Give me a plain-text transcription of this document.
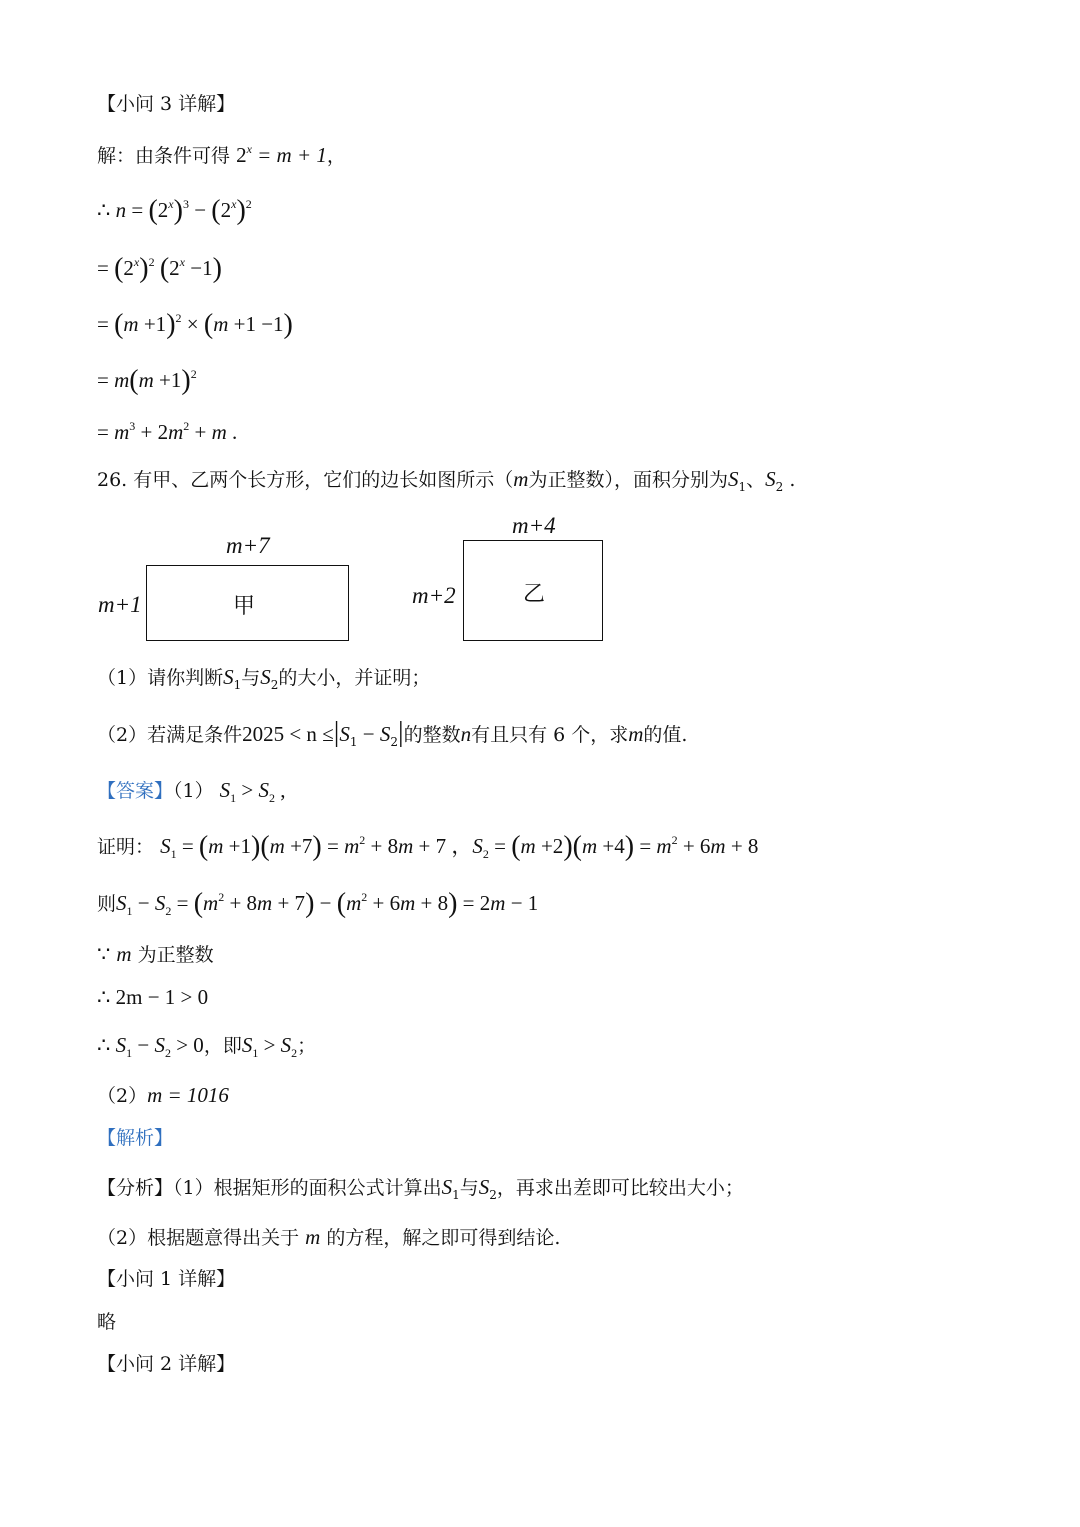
【小问 3 详解】
解：由条件可得 $2^x = m + 1$，
∴ $n = (2^x)^3 - (2^x)^2$
= $(2^x)^2$ $(2^x -1)$
= $(m +1)^2 \times (m +1 -1)$
= $m(m +1)^2$
= $m^3 + 2m^2 + m$ .
26. 有甲、乙两个长方形，它们的边长如图所示（m为正整数），面积分别为$S_1$、$S_2$ .
m+7
m+1	甲
m+4
m+2	乙
（1）请你判断$S_1$与$S_2$的大小，并证明；
（2）若满足条件$2025 < n \le|S_1 - S_2|$的整数n有且只有 6 个，求m的值.
【答案】（1） $S_1 > S_2$ ,
证明： $S_1 = (m +1)(m +7) = m^2 + 8m + 7$ ，$S_2 = (m +2)(m +4) = m^2 + 6m + 8$
则$S_1 - S_2 = (m^2 + 8m + 7) - (m^2 + 6m + 8) = 2m - 1$
∵ m 为正整数
∴ 2m − 1 > 0
∴ $S_1 - S_2 > 0$，即$S_1 > S_2$；
（2）m = 1016
【解析】
【分析】（1）根据矩形的面积公式计算出$S_1$与$S_2$，再求出差即可比较出大小；
（2）根据题意得出关于 m 的方程，解之即可得到结论.
【小问 1 详解】
略
【小问 2 详解】
